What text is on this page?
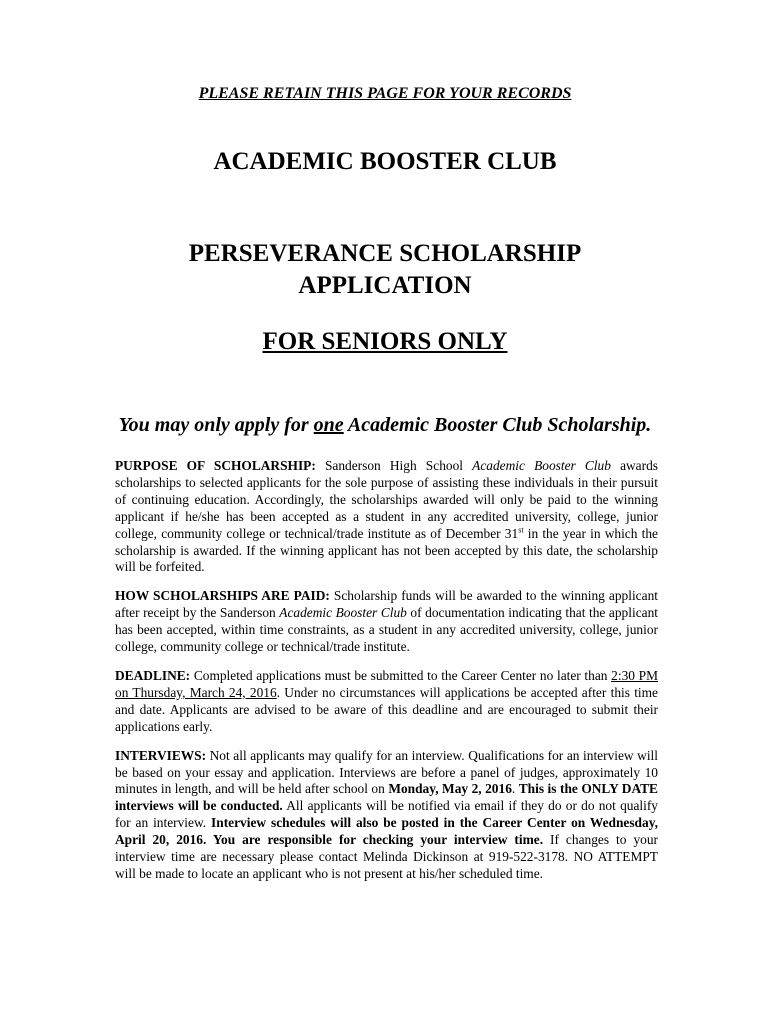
PLEASE RETAIN THIS PAGE FOR YOUR RECORDS
ACADEMIC BOOSTER CLUB
PERSEVERANCE SCHOLARSHIP
APPLICATION
FOR SENIORS ONLY
You may only apply for one Academic Booster Club Scholarship.

PURPOSE OF SCHOLARSHIP: Sanderson High School Academic Booster Club awards scholarships to selected applicants for the sole purpose of assisting these individuals in their pursuit of continuing education. Accordingly, the scholarships awarded will only be paid to the winning applicant if he/she has been accepted as a student in any accredited university, college, junior college, community college or technical/trade institute as of December 31st in the year in which the scholarship is awarded. If the winning applicant has not been accepted by this date, the scholarship will be forfeited.

HOW SCHOLARSHIPS ARE PAID: Scholarship funds will be awarded to the winning applicant after receipt by the Sanderson Academic Booster Club of documentation indicating that the applicant has been accepted, within time constraints, as a student in any accredited university, college, junior college, community college or technical/trade institute.

DEADLINE: Completed applications must be submitted to the Career Center no later than 2:30 PM on Thursday, March 24, 2016. Under no circumstances will applications be accepted after this time and date. Applicants are advised to be aware of this deadline and are encouraged to submit their applications early.

INTERVIEWS: Not all applicants may qualify for an interview. Qualifications for an interview will be based on your essay and application. Interviews are before a panel of judges, approximately 10 minutes in length, and will be held after school on Monday, May 2, 2016. This is the ONLY DATE interviews will be conducted. All applicants will be notified via email if they do or do not qualify for an interview. Interview schedules will also be posted in the Career Center on Wednesday, April 20, 2016. You are responsible for checking your interview time. If changes to your interview time are necessary please contact Melinda Dickinson at 919-522-3178. NO ATTEMPT will be made to locate an applicant who is not present at his/her scheduled time.
